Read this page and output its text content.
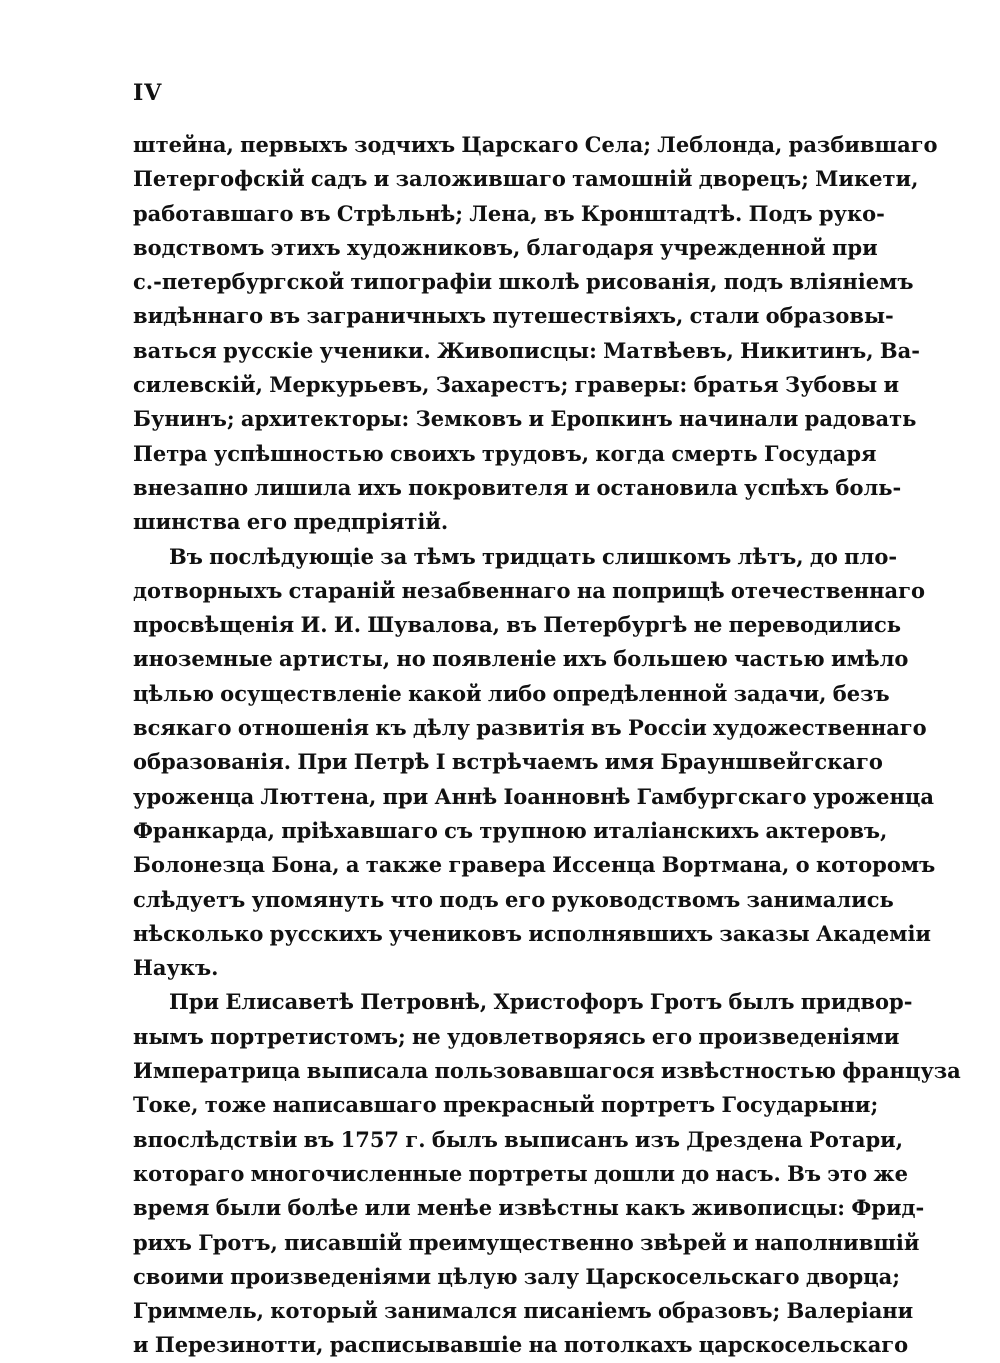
IV
штейна, первыхъ зодчихъ Царскаго Села; Леблонда, разбившаго
Петергофскій садъ и заложившаго тамошній дворецъ; Микети,
работавшаго въ Стрѣльнѣ; Лена, въ Кронштадтѣ. Подъ руко-
водствомъ этихъ художниковъ, благодаря учрежденной при
с.-петербургской типографіи школѣ рисованія, подъ вліяніемъ
видѣннаго въ заграничныхъ путешествіяхъ, стали образовы-
ваться русскіе ученики. Живописцы: Матвѣевъ, Никитинъ, Ва-
силевскій, Меркурьевъ, Захарестъ; граверы: братья Зубовы и
Бунинъ; архитекторы: Земковъ и Еропкинъ начинали радовать
Петра успѣшностью своихъ трудовъ, когда смерть Государя
внезапно лишила ихъ покровителя и остановила успѣхъ боль-
шинства его предпріятій.
Въ послѣдующіе за тѣмъ тридцать слишкомъ лѣтъ, до пло-
дотворныхъ стараній незабвеннаго на поприщѣ отечественнаго
просвѣщенія И. И. Шувалова, въ Петербургѣ не переводились
иноземные артисты, но появленіе ихъ большею частью имѣло
цѣлью осуществленіе какой либо опредѣленной задачи, безъ
всякаго отношенія къ дѣлу развитія въ Россіи художественнаго
образованія. При Петрѣ I встрѣчаемъ имя Брауншвейгскаго
уроженца Люттена, при Аннѣ Іоанновнѣ Гамбургскаго уроженца
Франкарда, пріѣхавшаго съ трупною италіанскихъ актеровъ,
Болонезца Бона, а также гравера Иссенца Вортмана, о которомъ
слѣдуетъ упомянуть что подъ его руководствомъ занимались
нѣсколько русскихъ учениковъ исполнявшихъ заказы Академіи
Наукъ.
При Елисаветѣ Петровнѣ, Христофоръ Гротъ былъ придвор-
нымъ портретистомъ; не удовлетворяясь его произведеніями
Императрица выписала пользовавшагося извѣстностью француза
Токе, тоже написавшаго прекрасный портретъ Государыни;
впослѣдствіи въ 1757 г. былъ выписанъ изъ Дрездена Ротари,
котораго многочисленные портреты дошли до насъ. Въ это же
время были болѣе или менѣе извѣстны какъ живописцы: Фрид-
рихъ Гротъ, писавшій преимущественно звѣрей и наполнившій
своими произведеніями цѣлую залу Царскосельскаго дворца;
Гриммель, который занимался писаніемъ образовъ; Валеріани
и Перезинотти, расписывавшіе на потолкахъ царскосельскаго
